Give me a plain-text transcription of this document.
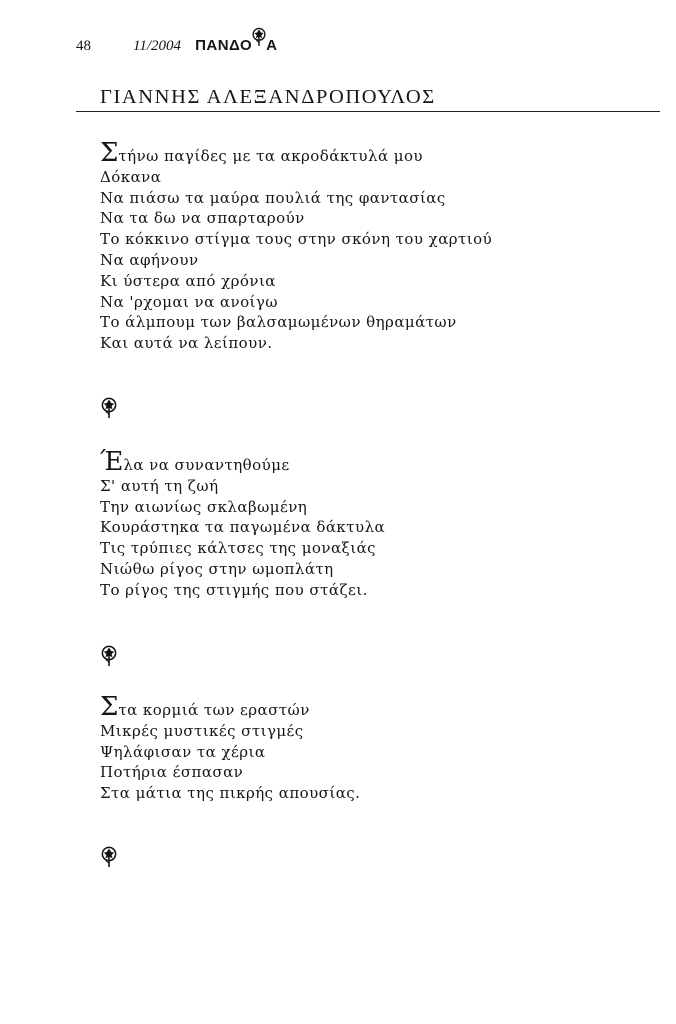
48	11/2004 ΠΑΝΔΟ Α
ΓΙΑΝΝΗΣ ΑΛΕΞΑΝΔΡΟΠΟΥΛΟΣ
Στήνω παγίδες με τα ακροδάκτυλά μου
Δόκανα
Να πιάσω τα μαύρα πουλιά της φαντασίας
Να τα δω να σπαρταρούν
Το κόκκινο στίγμα τους στην σκόνη του χαρτιού
Να αφήνουν
Κι ύστερα από χρόνια
Να 'ρχομαι να ανοίγω
Το άλμπουμ των βαλσαμωμένων θηραμάτων
Και αυτά να λείπουν.
Έλα να συναντηθούμε
Σ' αυτή τη ζωή
Την αιωνίως σκλαβωμένη
Κουράστηκα τα παγωμένα δάκτυλα
Τις τρύπιες κάλτσες της μοναξιάς
Νιώθω ρίγος στην ωμοπλάτη
Το ρίγος της στιγμής που στάζει.
Στα κορμιά των εραστών
Μικρές μυστικές στιγμές
Ψηλάφισαν τα χέρια
Ποτήρια έσπασαν
Στα μάτια της πικρής απουσίας.
